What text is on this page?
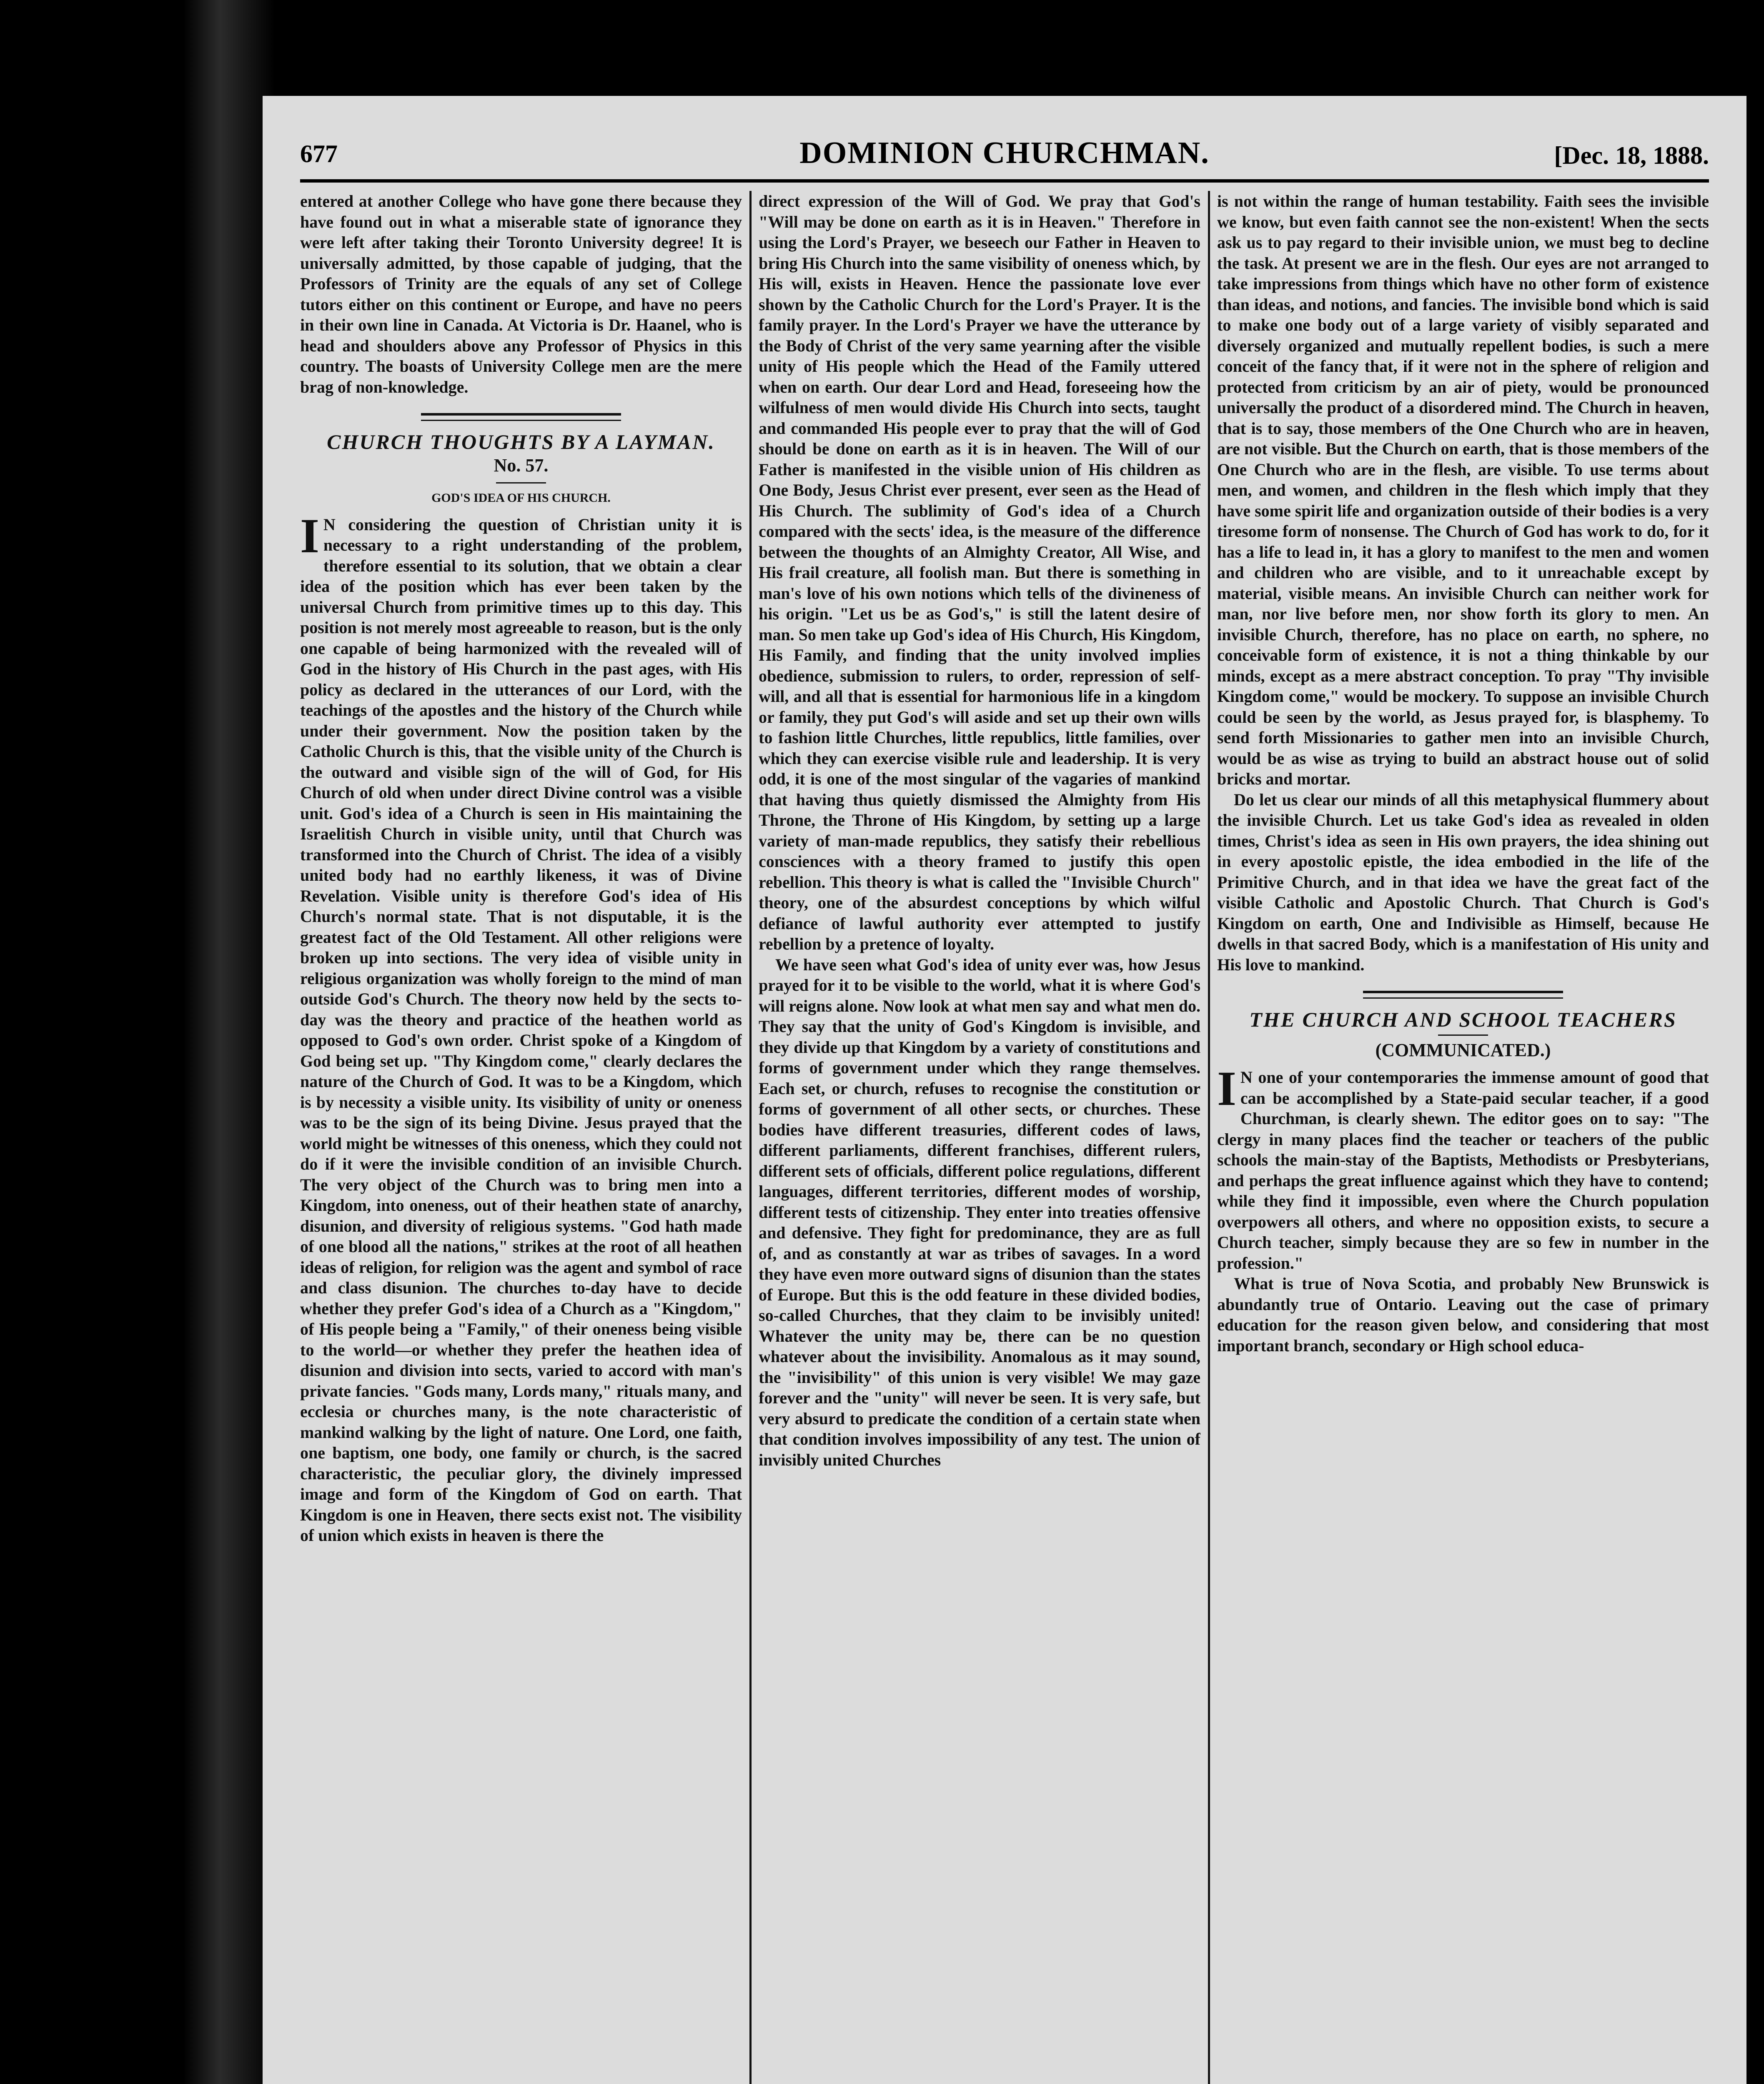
677	DOMINION CHURCHMAN.	[Dec. 18, 1888.

entered at another College who have gone there because they have found out in what a miserable state of ignorance they were left after taking their Toronto University degree! It is universally admitted, by those capable of judging, that the Professors of Trinity are the equals of any set of College tutors either on this continent or Europe, and have no peers in their own line in Canada. At Victoria is Dr. Haanel, who is head and shoulders above any Professor of Physics in this country. The boasts of University College men are the mere brag of non-knowledge.

CHURCH THOUGHTS BY A LAYMAN.
No. 57.
GOD'S IDEA OF HIS CHURCH.

I N considering the question of Christian unity it is necessary to a right understanding of the problem, therefore essential to its solution, that we obtain a clear idea of the position which has ever been taken by the universal Church from primitive times up to this day. This position is not merely most agreeable to reason, but is the only one capable of being harmonized with the revealed will of God in the history of His Church in the past ages, with His policy as declared in the utterances of our Lord, with the teachings of the apostles and the history of the Church while under their government. Now the position taken by the Catholic Church is this, that the visible unity of the Church is the outward and visible sign of the will of God, for His Church of old when under direct Divine control was a visible unit. God's idea of a Church is seen in His maintaining the Israelitish Church in visible unity, until that Church was transformed into the Church of Christ. The idea of a visibly united body had no earthly likeness, it was of Divine Revelation. Visible unity is therefore God's idea of His Church's normal state. That is not disputable, it is the greatest fact of the Old Testament. All other religions were broken up into sections. The very idea of visible unity in religious organization was wholly foreign to the mind of man outside God's Church. The theory now held by the sects to-day was the theory and practice of the heathen world as opposed to God's own order. Christ spoke of a Kingdom of God being set up. "Thy Kingdom come," clearly declares the nature of the Church of God. It was to be a Kingdom, which is by necessity a visible unity. Its visibility of unity or oneness was to be the sign of its being Divine. Jesus prayed that the world might be witnesses of this oneness, which they could not do if it were the invisible condition of an invisible Church. The very object of the Church was to bring men into a Kingdom, into oneness, out of their heathen state of anarchy, disunion, and diversity of religious systems. "God hath made of one blood all the nations," strikes at the root of all heathen ideas of religion, for religion was the agent and symbol of race and class disunion. The churches to-day have to decide whether they prefer God's idea of a Church as a "Kingdom," of His people being a "Family," of their oneness being visible to the world—or whether they prefer the heathen idea of disunion and division into sects, varied to accord with man's private fancies. "Gods many, Lords many," rituals many, and ecclesia or churches many, is the note characteristic of mankind walking by the light of nature. One Lord, one faith, one baptism, one body, one family or church, is the sacred characteristic, the peculiar glory, the divinely impressed image and form of the Kingdom of God on earth. That Kingdom is one in Heaven, there sects exist not. The visibility of union which exists in heaven is there the

direct expression of the Will of God. We pray that God's "Will may be done on earth as it is in Heaven." Therefore in using the Lord's Prayer, we beseech our Father in Heaven to bring His Church into the same visibility of oneness which, by His will, exists in Heaven. Hence the passionate love ever shown by the Catholic Church for the Lord's Prayer. It is the family prayer. In the Lord's Prayer we have the utterance by the Body of Christ of the very same yearning after the visible unity of His people which the Head of the Family uttered when on earth. Our dear Lord and Head, foreseeing how the wilfulness of men would divide His Church into sects, taught and commanded His people ever to pray that the will of God should be done on earth as it is in heaven. The Will of our Father is manifested in the visible union of His children as One Body, Jesus Christ ever present, ever seen as the Head of His Church. The sublimity of God's idea of a Church compared with the sects' idea, is the measure of the difference between the thoughts of an Almighty Creator, All Wise, and His frail creature, all foolish man. But there is something in man's love of his own notions which tells of the divineness of his origin. "Let us be as God's," is still the latent desire of man. So men take up God's idea of His Church, His Kingdom, His Family, and finding that the unity involved implies obedience, submission to rulers, to order, repression of self-will, and all that is essential for harmonious life in a kingdom or family, they put God's will aside and set up their own wills to fashion little Churches, little republics, little families, over which they can exercise visible rule and leadership. It is very odd, it is one of the most singular of the vagaries of mankind that having thus quietly dismissed the Almighty from His Throne, the Throne of His Kingdom, by setting up a large variety of man-made republics, they satisfy their rebellious consciences with a theory framed to justify this open rebellion. This theory is what is called the "Invisible Church" theory, one of the absurdest conceptions by which wilful defiance of lawful authority ever attempted to justify rebellion by a pretence of loyalty.

We have seen what God's idea of unity ever was, how Jesus prayed for it to be visible to the world, what it is where God's will reigns alone. Now look at what men say and what men do. They say that the unity of God's Kingdom is invisible, and they divide up that Kingdom by a variety of constitutions and forms of government under which they range themselves. Each set, or church, refuses to recognise the constitution or forms of government of all other sects, or churches. These bodies have different treasuries, different codes of laws, different parliaments, different franchises, different rulers, different sets of officials, different police regulations, different languages, different territories, different modes of worship, different tests of citizenship. They enter into treaties offensive and defensive. They fight for predominance, they are as full of, and as constantly at war as tribes of savages. In a word they have even more outward signs of disunion than the states of Europe. But this is the odd feature in these divided bodies, so-called Churches, that they claim to be invisibly united! Whatever the unity may be, there can be no question whatever about the invisibility. Anomalous as it may sound, the "invisibility" of this union is very visible! We may gaze forever and the "unity" will never be seen. It is very safe, but very absurd to predicate the condition of a certain state when that condition involves impossibility of any test. The union of invisibly united Churches

is not within the range of human testability. Faith sees the invisible we know, but even faith cannot see the non-existent! When the sects ask us to pay regard to their invisible union, we must beg to decline the task. At present we are in the flesh. Our eyes are not arranged to take impressions from things which have no other form of existence than ideas, and notions, and fancies. The invisible bond which is said to make one body out of a large variety of visibly separated and diversely organized and mutually repellent bodies, is such a mere conceit of the fancy that, if it were not in the sphere of religion and protected from criticism by an air of piety, would be pronounced universally the product of a disordered mind. The Church in heaven, that is to say, those members of the One Church who are in heaven, are not visible. But the Church on earth, that is those members of the One Church who are in the flesh, are visible. To use terms about men, and women, and children in the flesh which imply that they have some spirit life and organization outside of their bodies is a very tiresome form of nonsense. The Church of God has work to do, for it has a life to lead in, it has a glory to manifest to the men and women and children who are visible, and to it unreachable except by material, visible means. An invisible Church can neither work for man, nor live before men, nor show forth its glory to men. An invisible Church, therefore, has no place on earth, no sphere, no conceivable form of existence, it is not a thing thinkable by our minds, except as a mere abstract conception. To pray "Thy invisible Kingdom come," would be mockery. To suppose an invisible Church could be seen by the world, as Jesus prayed for, is blasphemy. To send forth Missionaries to gather men into an invisible Church, would be as wise as trying to build an abstract house out of solid bricks and mortar.

Do let us clear our minds of all this metaphysical flummery about the invisible Church. Let us take God's idea as revealed in olden times, Christ's idea as seen in His own prayers, the idea shining out in every apostolic epistle, the idea embodied in the life of the Primitive Church, and in that idea we have the great fact of the visible Catholic and Apostolic Church. That Church is God's Kingdom on earth, One and Indivisible as Himself, because He dwells in that sacred Body, which is a manifestation of His unity and His love to mankind.

THE CHURCH AND SCHOOL TEACHERS
(COMMUNICATED.)

I N one of your contemporaries the immense amount of good that can be accomplished by a State-paid secular teacher, if a good Churchman, is clearly shewn. The editor goes on to say: "The clergy in many places find the teacher or teachers of the public schools the main-stay of the Baptists, Methodists or Presbyterians, and perhaps the great influence against which they have to contend; while they find it impossible, even where the Church population overpowers all others, and where no opposition exists, to secure a Church teacher, simply because they are so few in number in the profession."

What is true of Nova Scotia, and probably New Brunswick is abundantly true of Ontario. Leaving out the case of primary education for the reason given below, and considering that most important branch, secondary or High school educa-
